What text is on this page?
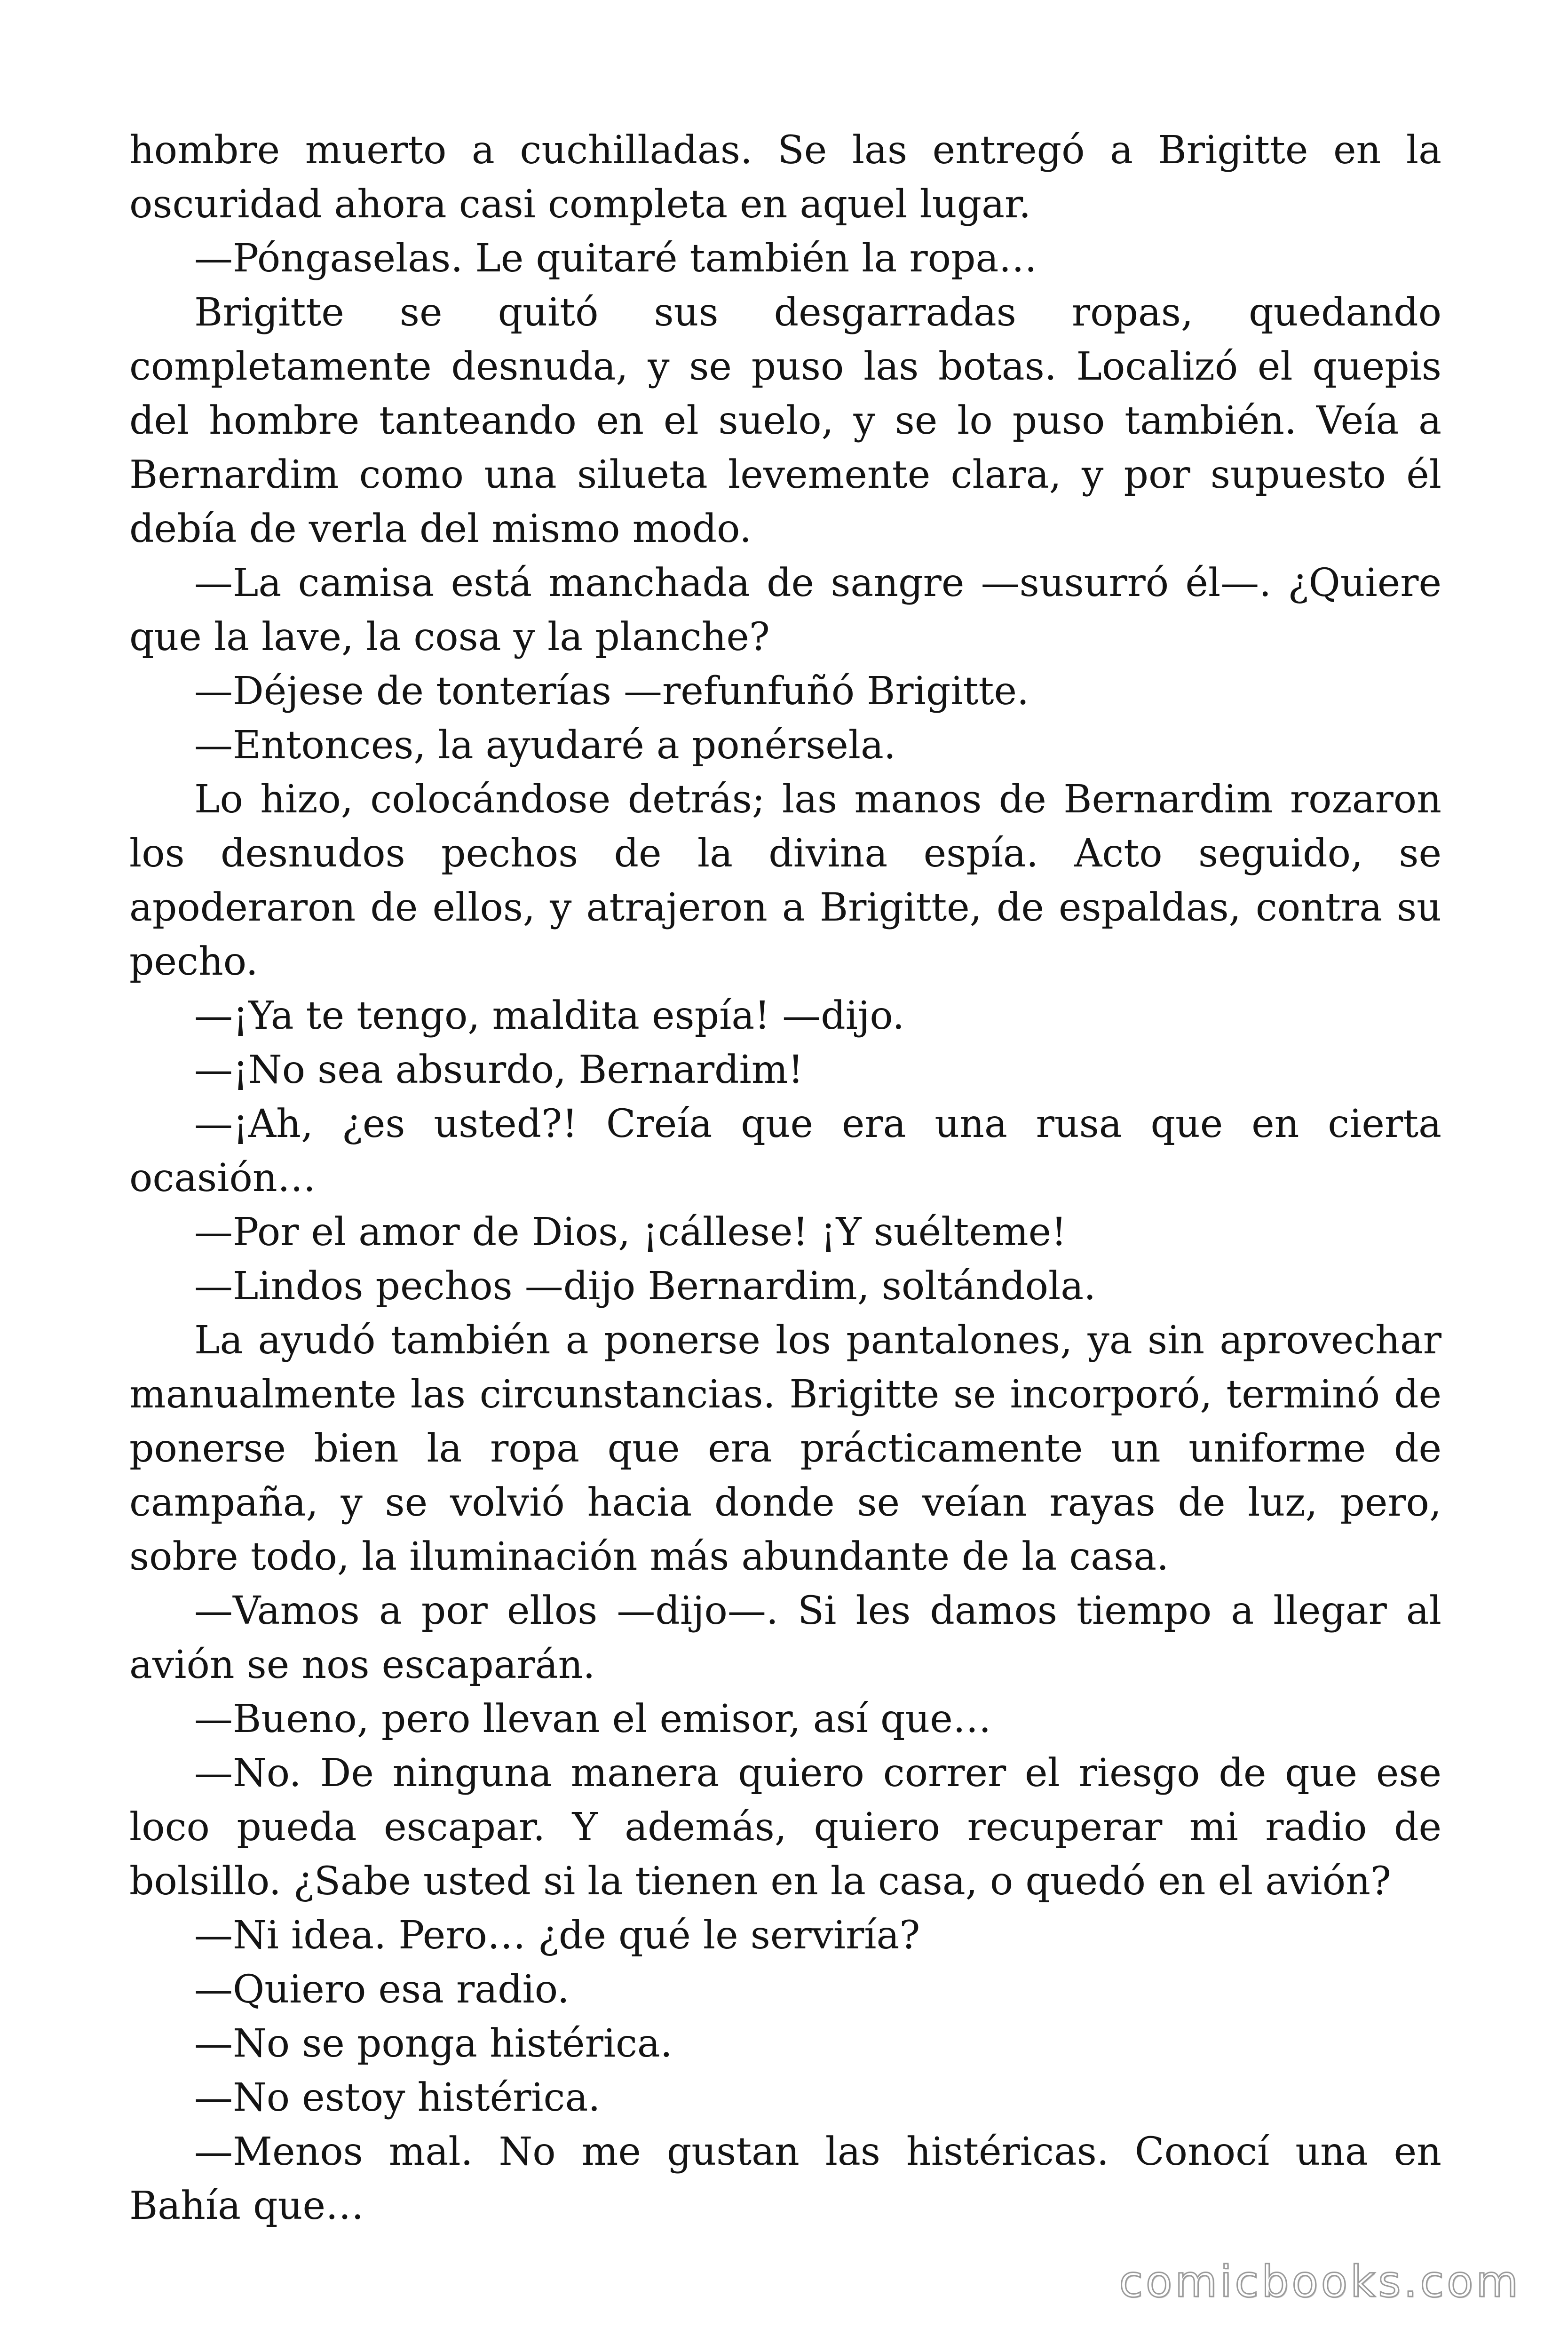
hombre muerto a cuchilladas. Se las entregó a Brigitte en la oscuridad ahora casi completa en aquel lugar.

—Póngaselas. Le quitaré también la ropa…

Brigitte se quitó sus desgarradas ropas, quedando completamente desnuda, y se puso las botas. Localizó el quepis del hombre tanteando en el suelo, y se lo puso también. Veía a Bernardim como una silueta levemente clara, y por supuesto él debía de verla del mismo modo.

—La camisa está manchada de sangre —susurró él—. ¿Quiere que la lave, la cosa y la planche?

—Déjese de tonterías —refunfuñó Brigitte.

—Entonces, la ayudaré a ponérsela.

Lo hizo, colocándose detrás; las manos de Bernardim rozaron los desnudos pechos de la divina espía. Acto seguido, se apoderaron de ellos, y atrajeron a Brigitte, de espaldas, contra su pecho.

—¡Ya te tengo, maldita espía! —dijo.

—¡No sea absurdo, Bernardim!

—¡Ah, ¿es usted?! Creía que era una rusa que en cierta ocasión…

—Por el amor de Dios, ¡cállese! ¡Y suélteme!

—Lindos pechos —dijo Bernardim, soltándola.

La ayudó también a ponerse los pantalones, ya sin aprovechar manualmente las circunstancias. Brigitte se incorporó, terminó de ponerse bien la ropa que era prácticamente un uniforme de campaña, y se volvió hacia donde se veían rayas de luz, pero, sobre todo, la iluminación más abundante de la casa.

—Vamos a por ellos —dijo—. Si les damos tiempo a llegar al avión se nos escaparán.

—Bueno, pero llevan el emisor, así que…

—No. De ninguna manera quiero correr el riesgo de que ese loco pueda escapar. Y además, quiero recuperar mi radio de bolsillo. ¿Sabe usted si la tienen en la casa, o quedó en el avión?

—Ni idea. Pero… ¿de qué le serviría?

—Quiero esa radio.

—No se ponga histérica.

—No estoy histérica.

—Menos mal. No me gustan las histéricas. Conocí una en Bahía que…

comicbooks.com
